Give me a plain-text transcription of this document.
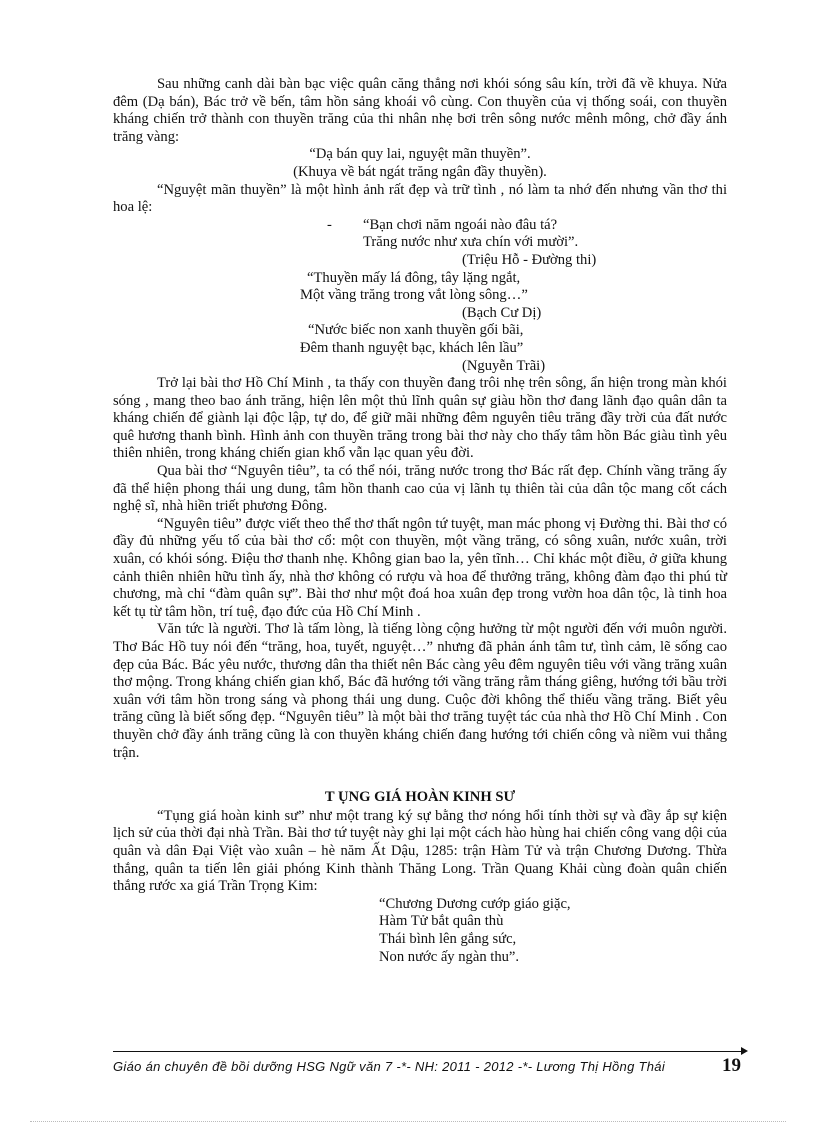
Sau những canh dài bàn bạc việc quân căng thẳng nơi khói sóng sâu kín, trời đã về khuya. Nửa đêm (Dạ bán), Bác trở về bến, tâm hồn sảng khoái vô cùng. Con thuyền của vị thống soái, con thuyền kháng chiến trở thành con thuyền trăng của thi nhân nhẹ bơi trên sông nước mênh mông, chở đầy ánh trăng vàng:

“Dạ bán quy lai, nguyệt mãn thuyền”.

(Khuya về bát ngát trăng ngân đầy thuyền).

“Nguyệt mãn thuyền” là một hình ảnh rất đẹp và trữ tình , nó làm ta nhớ đến nhưng vần thơ thi hoa lệ:

- “Bạn chơi năm ngoái nào đâu tá?
Trăng nước như xưa chín với mười”.
(Triệu Hỗ - Đường thi)
“Thuyền mấy lá đông, tây lặng ngắt,
Một vầng trăng trong vắt lòng sông…”
(Bạch Cư Dị)
“Nước biếc non xanh thuyền gối bãi,
Đêm thanh nguyệt bạc, khách lên lầu”
(Nguyễn Trãi)

Trở lại bài thơ Hồ Chí Minh , ta thấy con thuyền đang trôi nhẹ trên sông, ẩn hiện trong màn khói sóng , mang theo bao ánh trăng, hiện lên một thủ lĩnh quân sự giàu hồn thơ đang lãnh đạo quân dân ta kháng chiến để giành lại độc lập, tự do, để giữ mãi những đêm nguyên tiêu trăng đầy trời của đất nước quê hương thanh bình. Hình ảnh con thuyền trăng trong bài thơ này cho thấy tâm hồn Bác giàu tình yêu thiên nhiên, trong kháng chiến gian khổ vẫn lạc quan yêu đời.

Qua bài thơ “Nguyên tiêu”, ta có thể nói, trăng nước trong thơ Bác rất đẹp. Chính vầng trăng ấy đã thể hiện phong thái ung dung, tâm hồn thanh cao của vị lãnh tụ thiên tài của dân tộc mang cốt cách nghệ sĩ, nhà hiền triết phương Đông.

“Nguyên tiêu” được viết theo thể thơ thất ngôn tứ tuyệt, man mác phong vị Đường thi. Bài thơ có đầy đủ những yếu tố của bài thơ cổ: một con thuyền, một vầng trăng, có sông xuân, nước xuân, trời xuân, có khói sóng. Điệu thơ thanh nhẹ. Không gian bao la, yên tĩnh… Chỉ khác một điều, ở giữa khung cảnh thiên nhiên hữu tình ấy, nhà thơ không có rượu và hoa để thưởng trăng, không đàm đạo thi phú từ chương, mà chỉ “đàm quân sự”. Bài thơ như một đoá hoa xuân đẹp trong vườn hoa dân tộc, là tinh hoa kết tụ từ tâm hồn, trí tuệ, đạo đức của Hồ Chí Minh .

Văn tức là người. Thơ là tấm lòng, là tiếng lòng cộng hưởng từ một người đến với muôn người. Thơ Bác Hồ tuy nói đến “trăng, hoa, tuyết, nguyệt…” nhưng đã phản ánh tâm tư, tình cảm, lẽ sống cao đẹp của Bác. Bác yêu nước, thương dân tha thiết nên Bác càng yêu đêm nguyên tiêu với vầng trăng xuân thơ mộng. Trong kháng chiến gian khổ, Bác đã hướng tới vầng trăng rằm tháng giêng, hướng tới bầu trời xuân với tâm hồn trong sáng và phong thái ung dung. Cuộc đời không thể thiếu vầng trăng. Biết yêu trăng cũng là biết sống đẹp. “Nguyên tiêu” là một bài thơ trăng tuyệt tác của nhà thơ Hồ Chí Minh . Con thuyền chở đầy ánh trăng cũng là con thuyền kháng chiến đang hướng tới chiến công và niềm vui thắng trận.

T ỤNG GIÁ HOÀN KINH SƯ

“Tụng giá hoàn kinh sư” như một trang ký sự bằng thơ nóng hổi tính thời sự và đầy ắp sự kiện lịch sử của thời đại nhà Trần. Bài thơ tứ tuyệt này ghi lại một cách hào hùng hai chiến công vang dội của quân và dân Đại Việt vào xuân – hè năm Ất Dậu, 1285: trận Hàm Tử và trận Chương Dương. Thừa thắng, quân ta tiến lên giải phóng Kinh thành Thăng Long. Trần Quang Khải cùng đoàn quân chiến thắng rước xa giá Trần Trọng Kim:

“Chương Dương cướp giáo giặc,
Hàm Tử bắt quân thù
Thái bình lên gắng sức,
Non nước ấy ngàn thu”.
Giáo án chuyên đề bồi dưỡng HSG Ngữ văn 7 -*- NH: 2011 - 2012 -*- Lương Thị Hồng Thái	19
